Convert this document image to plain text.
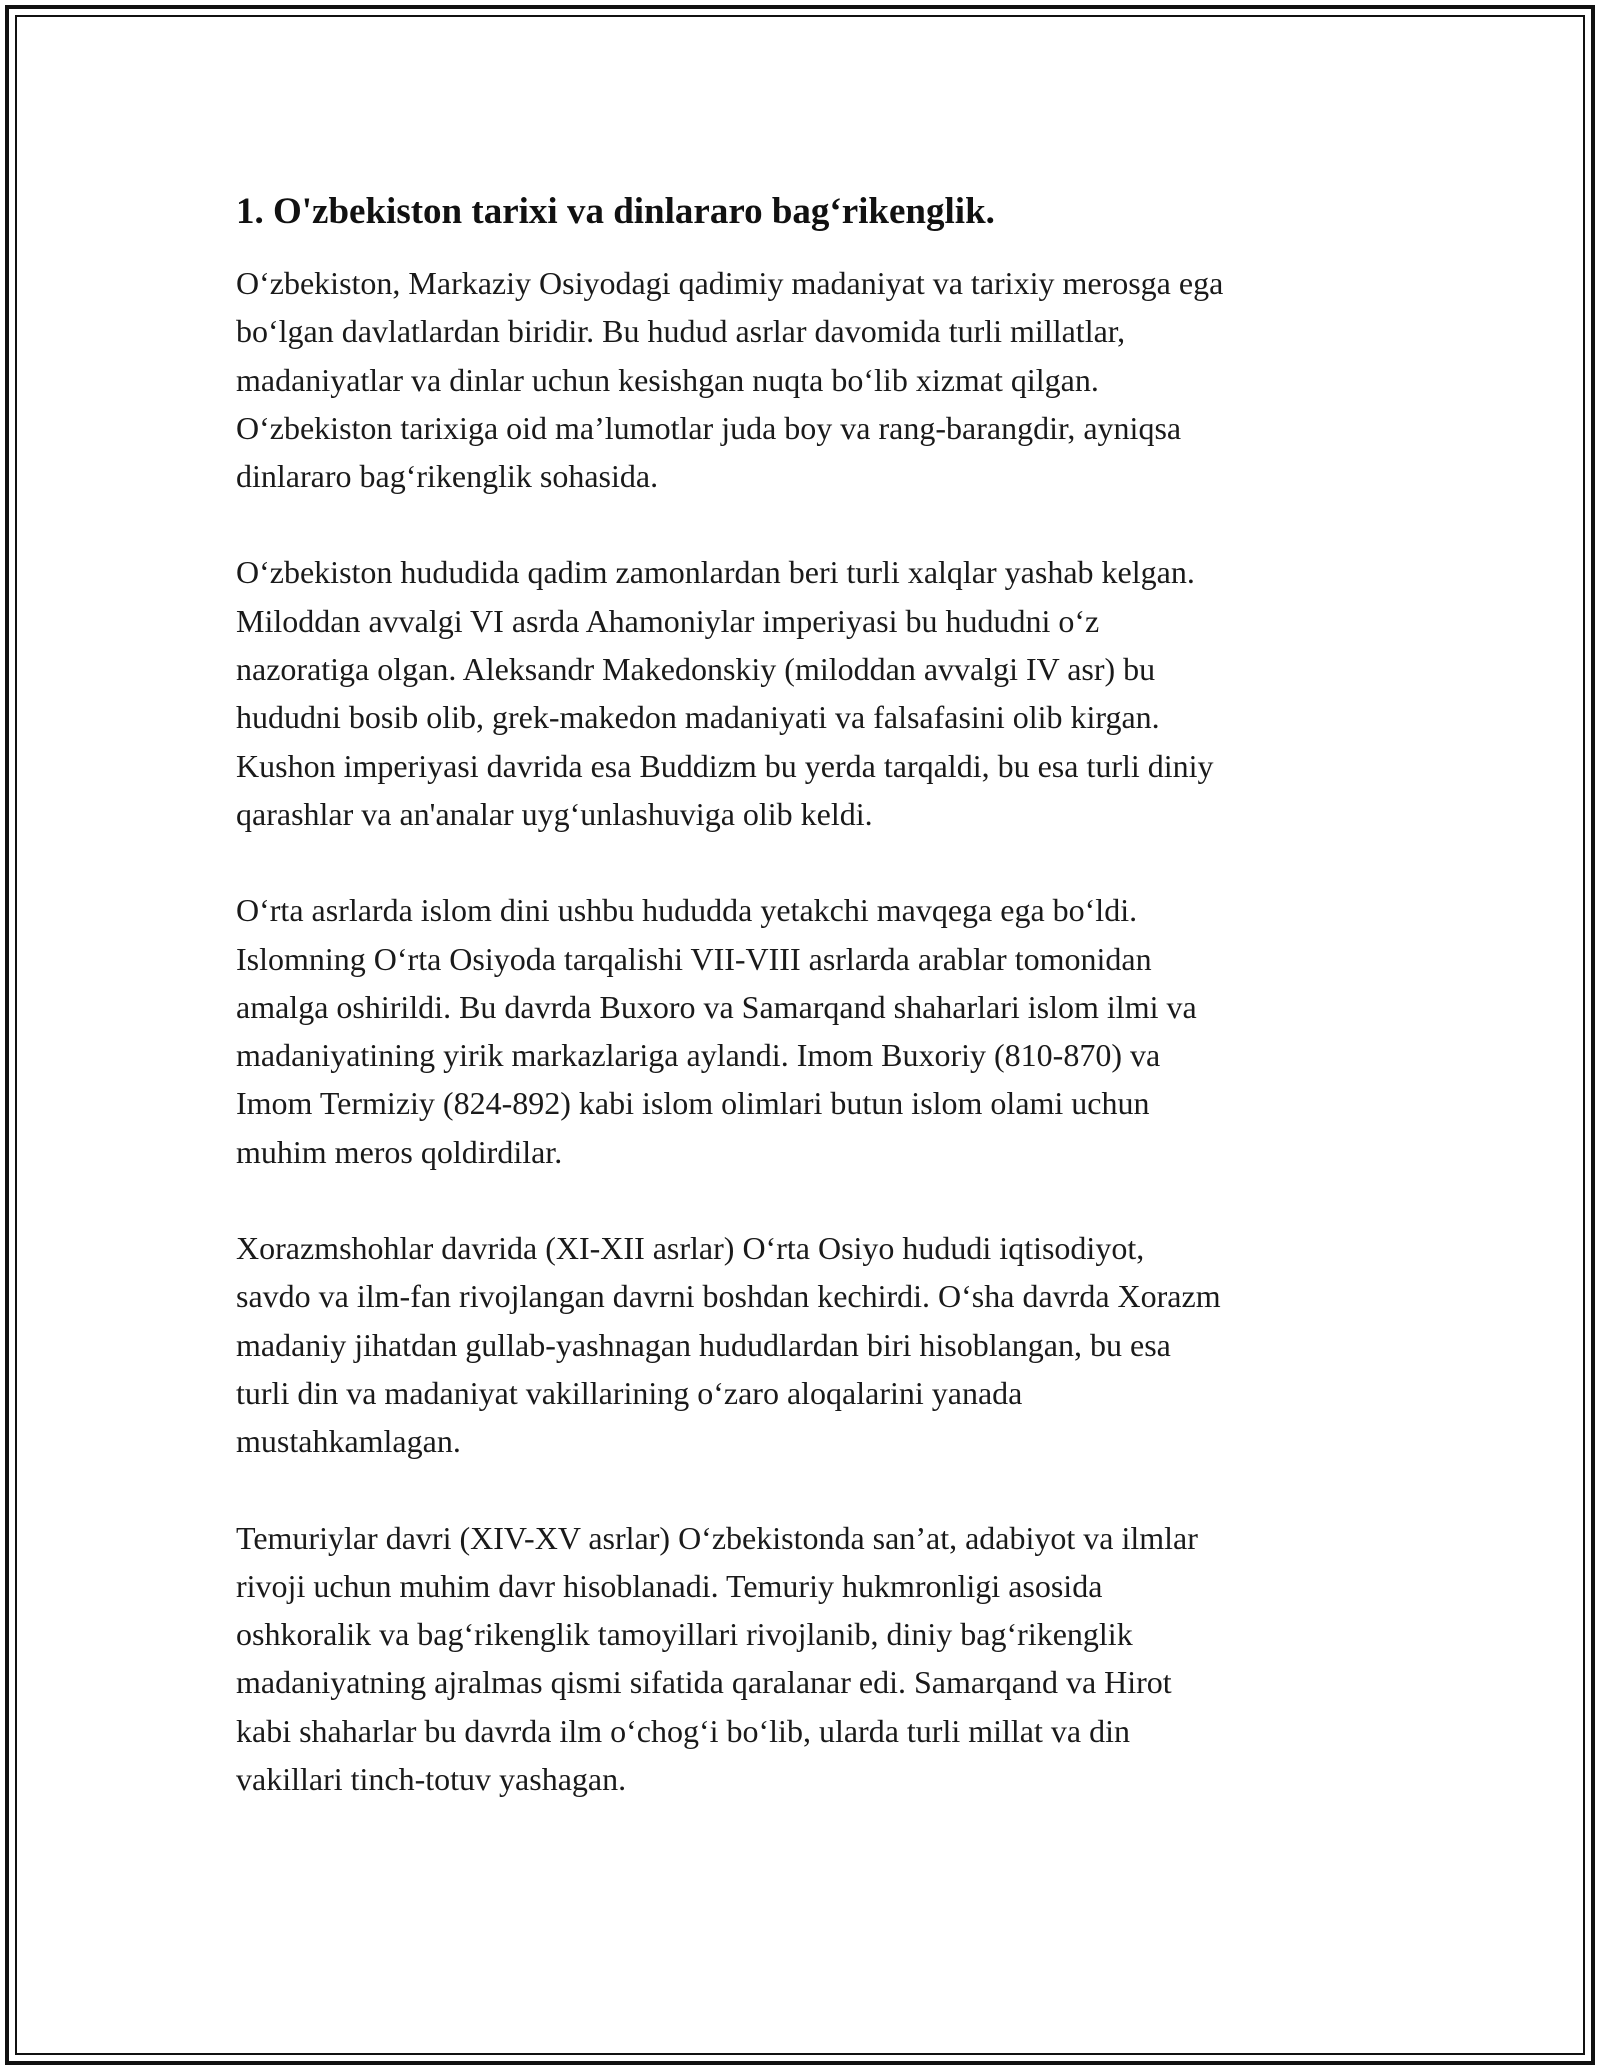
1. O'zbekiston tarixi va dinlararo bag‘rikenglik.

O‘zbekiston, Markaziy Osiyodagi qadimiy madaniyat va tarixiy merosga ega
bo‘lgan davlatlardan biridir. Bu hudud asrlar davomida turli millatlar,
madaniyatlar va dinlar uchun kesishgan nuqta bo‘lib xizmat qilgan.
O‘zbekiston tarixiga oid ma’lumotlar juda boy va rang-barangdir, ayniqsa
dinlararo bag‘rikenglik sohasida.

O‘zbekiston hududida qadim zamonlardan beri turli xalqlar yashab kelgan.
Miloddan avvalgi VI asrda Ahamoniylar imperiyasi bu hududni o‘z
nazoratiga olgan. Aleksandr Makedonskiy (miloddan avvalgi IV asr) bu
hududni bosib olib, grek-makedon madaniyati va falsafasini olib kirgan.
Kushon imperiyasi davrida esa Buddizm bu yerda tarqaldi, bu esa turli diniy
qarashlar va an'analar uyg‘unlashuviga olib keldi.

O‘rta asrlarda islom dini ushbu hududda yetakchi mavqega ega bo‘ldi.
Islomning O‘rta Osiyoda tarqalishi VII-VIII asrlarda arablar tomonidan
amalga oshirildi. Bu davrda Buxoro va Samarqand shaharlari islom ilmi va
madaniyatining yirik markazlariga aylandi. Imom Buxoriy (810-870) va
Imom Termiziy (824-892) kabi islom olimlari butun islom olami uchun
muhim meros qoldirdilar.

Xorazmshohlar davrida (XI-XII asrlar) O‘rta Osiyo hududi iqtisodiyot,
savdo va ilm-fan rivojlangan davrni boshdan kechirdi. O‘sha davrda Xorazm
madaniy jihatdan gullab-yashnagan hududlardan biri hisoblangan, bu esa
turli din va madaniyat vakillarining o‘zaro aloqalarini yanada
mustahkamlagan.

Temuriylar davri (XIV-XV asrlar) O‘zbekistonda san’at, adabiyot va ilmlar
rivoji uchun muhim davr hisoblanadi. Temuriy hukmronligi asosida
oshkoralik va bag‘rikenglik tamoyillari rivojlanib, diniy bag‘rikenglik
madaniyatning ajralmas qismi sifatida qaralanar edi. Samarqand va Hirot
kabi shaharlar bu davrda ilm o‘chog‘i bo‘lib, ularda turli millat va din
vakillari tinch-totuv yashagan.
